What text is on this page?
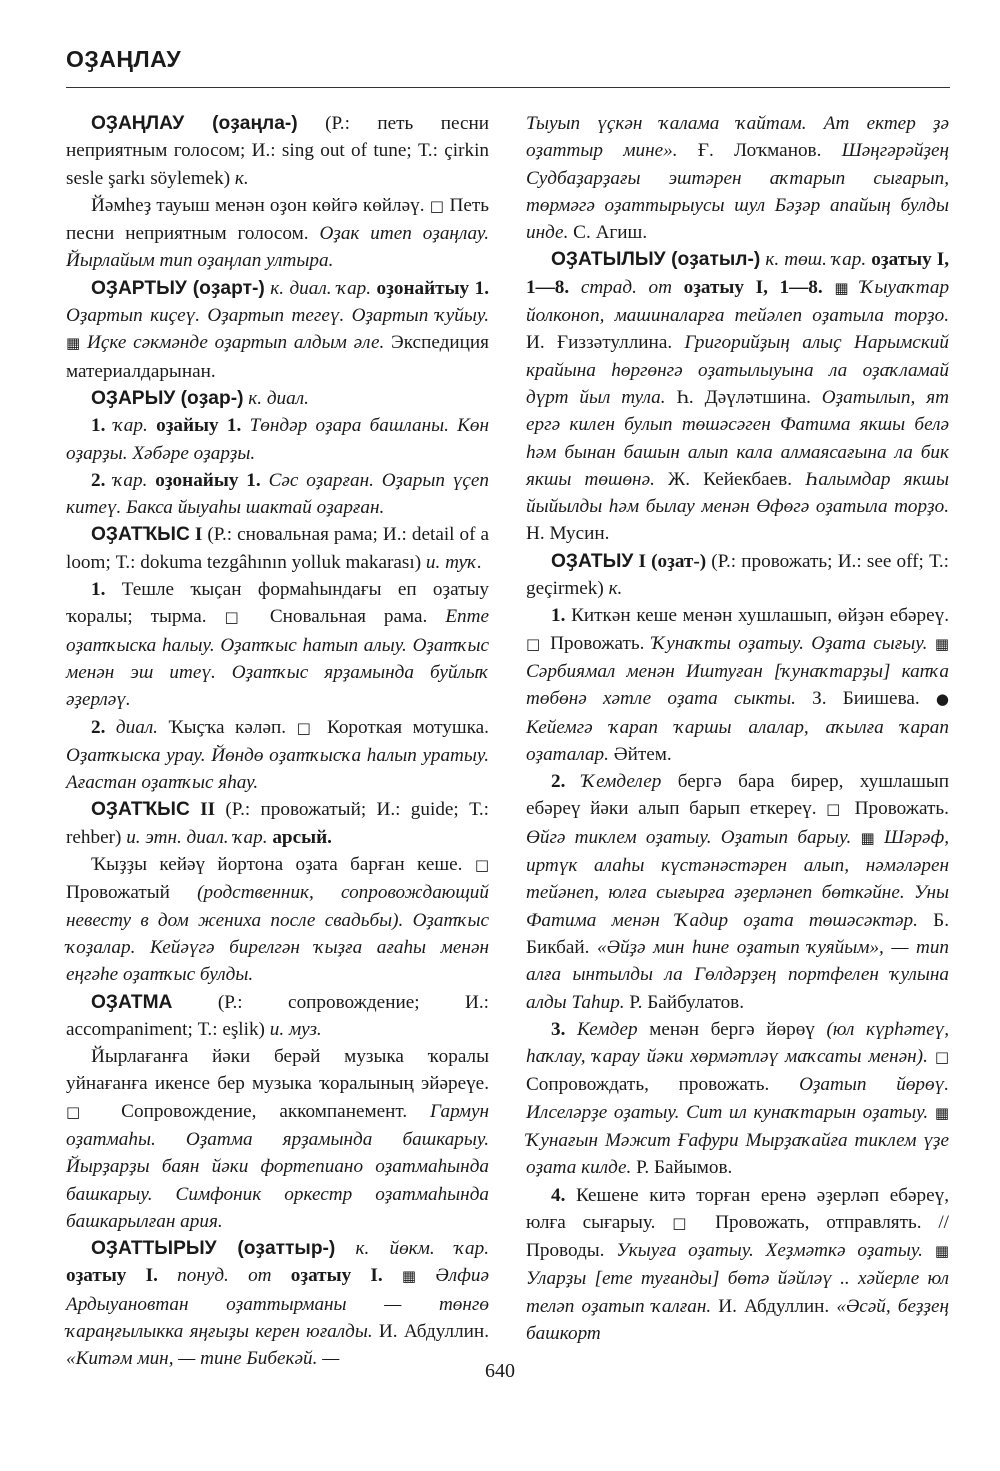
ОҘАҢЛАУ

ОҘАҢЛАУ (оҙаңла-) (Р.: петь песни неприятным голосом; И.: sing out of tune; Т.: çirkin sesle şarkı söylemek) к.

Йәмһеҙ тауыш менән оҙон көйгә көйләү. □ Петь песни неприятным голосом. Оҙак итеп оҙаңлау. Йырлайым тип оҙаңлап ултыра.

ОҘАРТЫУ (оҙарт-) к. диал. ҡар. оҙонайтыу 1. Оҙартып киҫеү. Оҙартып тегеү. Оҙартып ҡуйыу. ▦ Иҫке сәкмәнде оҙартып алдым әле. Экспедиция материалдарынан.

ОҘАРЫУ (оҙар-) к. диал.

1. ҡар. оҙайыу 1. Төндәр оҙара башланы. Көн оҙарҙы. Хәбәре оҙарҙы.

2. ҡар. оҙонайыу 1. Сәс оҙарған. Оҙарып үҫеп китеү. Бакса йыуаһы шактай оҙарған.

ОҘАТҠЫС I (Р.: сновальная рама; И.: detail of a loom; Т.: dokuma tezgâhının yolluk makarası) и. туҡ.

1. Тешле ҡыҫан формаһындағы еп оҙатыу ҡоралы; тырма. □ Сновальная рама. Епте оҙатҡыска һалыу. Оҙатҡыс һатып алыу. Оҙатҡыс менән эш итеү. Оҙатҡыс ярҙамында буйлыҡ әҙерләү.

2. диал. Ҡыҫҡа кәләп. □ Короткая мотушка. Оҙатҡыска урау. Йөндө оҙатҡысҡа һалып уратыу. Ағастан оҙатҡыс яһау.

ОҘАТҠЫС II (Р.: провожатый; И.: guide; Т.: rehber) и. этн. диал. ҡар. арсый.

Ҡыҙҙы кейәү йортона оҙата барған кеше. □ Провожатый (родственник, сопровождающий невесту в дом жениха после свадьбы). Оҙатҡыс ҡоҙалар. Кейәүгә бирелгән ҡыҙға ағаһы менән еңгәһе оҙатҡыс булды.

ОҘАТМА (Р.: сопровождение; И.: accompaniment; Т.: eşlik) и. муз.

Йырлағанға йәки берәй музыка ҡоралы уйнағанға икенсе бер музыка ҡоралының эйәреүе. □ Сопровождение, аккомпанемент. Гармун оҙатмаһы. Оҙатма ярҙамында башкарыу. Йырҙарҙы баян йәки фортепиано оҙатмаһында башкарыу. Симфоник оркестр оҙатмаһында башкарылған ария.

ОҘАТТЫРЫУ (оҙаттыр-) к. йөкм. ҡар. оҙатыу I. понуд. от оҙатыу I. ▦ Әлфиә Ардыуановтан оҙаттырманы — төнгө ҡараңғылыкка яңғыҙы керен юғалды. И. Абдуллин. «Китәм мин, — тине Бибекәй. —

Тыуып үҫкән ҡалама ҡайтам. Ат ектер ҙә оҙаттыр мине». Ғ. Лоҡманов. Шәңгәрәйҙең Судбаҙарҙағы эштәрен аҡтарып сығарып, төрмәгә оҙаттырыусы шул Бәҙәр апайың булды инде. С. Агиш.

ОҘАТЫЛЫУ (оҙатыл-) к. төш. ҡар. оҙатыу I, 1—8. страд. от оҙатыу I, 1—8. ▦ Ҡыуаҡтар йолконоп, машиналарға тейәлеп оҙатыла торҙо. И. Ғиззәтуллина. Григорийҙың алыҫ Нарымский крайына һөргөнгә оҙатылыуына ла оҙаҡламай дүрт йыл тула. Һ. Дәүләтшина. Оҙатылып, ят ергә килен булып төшәсәген Фатима якшы белә һәм бынан башын алып кала алмаясағына ла бик якшы төшөнә. Ж. Кейекбаев. Һалымдар якшы йыйылды һәм былау менән Өфөгә оҙатыла торҙо. Н. Мусин.

ОҘАТЫУ I (оҙат-) (Р.: провожать; И.: see off; Т.: geçirmek) к.

1. Киткән кеше менән хушлашып, өйҙән ебәреү. □ Провожать. Ҡунаҡты оҙатыу. Оҙата сығыу. ▦ Сәрбиямал менән Иштуған [ҡунаҡтарҙы] капҡа төбөнә хәтле оҙата сыкты. З. Биишева. ● Кейемгә ҡарап ҡаршы алалар, аҡылға ҡарап оҙаталар. Әйтем.

2. Ҡемделер бергә бара бирер, хушлашып ебәреү йәки алып барып еткереү. □ Провожать. Өйгә тиклем оҙатыу. Оҙатып барыу. ▦ Шәрәф, иртүк алаһы күстәнәстәрен алып, нәмәләрен тейәнеп, юлға сығырға әҙерләнеп бөткәйне. Уны Фатима менән Ҡадир оҙата төшәсәктәр. Б. Бикбай. «Әйҙә мин һине оҙатып ҡуяйым», — тип алға ынтылды ла Гөлдәрҙең портфелен ҡулына алды Таһир. Р. Байбулатов.

3. Кемдер менән бергә йөрөү (юл күрһәтеү, һаҡлау, ҡарау йәки хөрмәтләү маҡсаты менән). □ Сопровождать, провожать. Оҙатып йөрөү. Илселәрҙе оҙатыу. Сит ил кунаҡтарын оҙатыу. ▦ Ҡунағын Мәжит Ғафури Мырҙаҡайға тиклем үҙе оҙата килде. Р. Байымов.

4. Кешене китә торған еренә әҙерләп ебәреү, юлға сығарыу. □ Провожать, отправлять. // Проводы. Укыуға оҙатыу. Хеҙмәткә оҙатыу. ▦ Уларҙы [ете туғанды] бөтә йәйләү .. хәйерле юл теләп оҙатып ҡалған. И. Абдуллин. «Әсәй, беҙҙең башкорт

640
